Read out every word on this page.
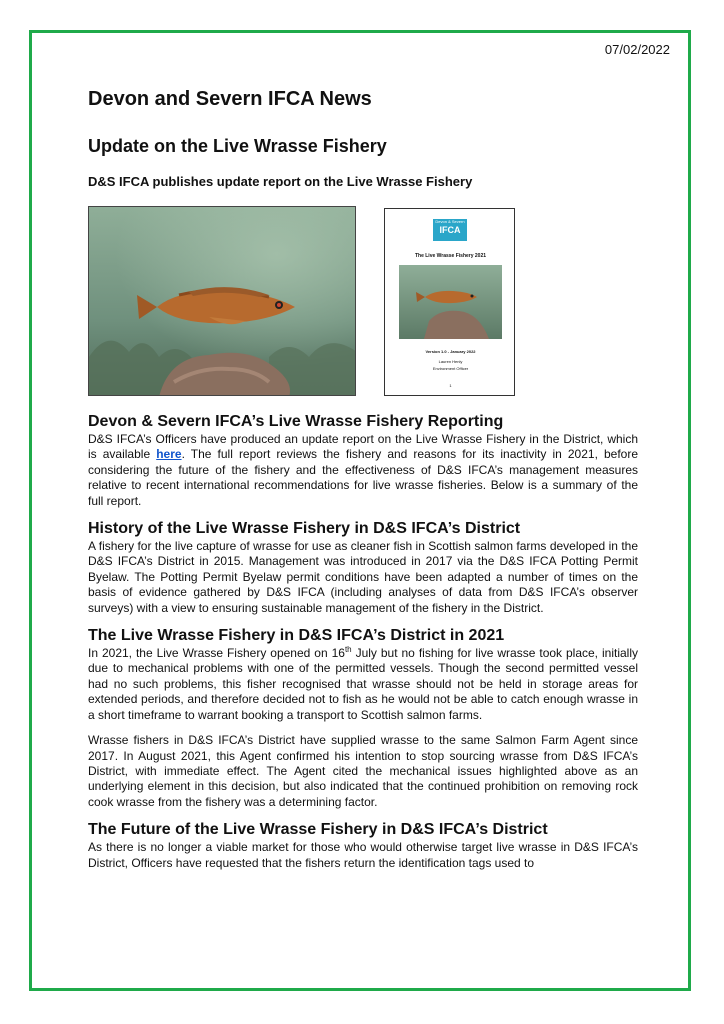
07/02/2022
Devon and Severn IFCA News
Update on the Live Wrasse Fishery
D&S IFCA publishes update report on the Live Wrasse Fishery
Devon & Severn
IFCA
The Live Wrasse Fishery 2021
Version 1.0 - January 2022
Lauren Henly
Environment Officer
1
Devon & Severn IFCA’s Live Wrasse Fishery Reporting

D&S IFCA’s Officers have produced an update report on the Live Wrasse Fishery in the District, which is available here. The full report reviews the fishery and reasons for its inactivity in 2021, before considering the future of the fishery and the effectiveness of D&S IFCA’s management measures relative to recent international recommendations for live wrasse fisheries. Below is a summary of the full report.

History of the Live Wrasse Fishery in D&S IFCA’s District

A fishery for the live capture of wrasse for use as cleaner fish in Scottish salmon farms developed in the D&S IFCA’s District in 2015. Management was introduced in 2017 via the D&S IFCA Potting Permit Byelaw. The Potting Permit Byelaw permit conditions have been adapted a number of times on the basis of evidence gathered by D&S IFCA (including analyses of data from D&S IFCA’s observer surveys) with a view to ensuring sustainable management of the fishery in the District.

The Live Wrasse Fishery in D&S IFCA’s District in 2021

In 2021, the Live Wrasse Fishery opened on 16th July but no fishing for live wrasse took place, initially due to mechanical problems with one of the permitted vessels. Though the second permitted vessel had no such problems, this fisher recognised that wrasse should not be held in storage areas for extended periods, and therefore decided not to fish as he would not be able to catch enough wrasse in a short timeframe to warrant booking a transport to Scottish salmon farms.

Wrasse fishers in D&S IFCA’s District have supplied wrasse to the same Salmon Farm Agent since 2017. In August 2021, this Agent confirmed his intention to stop sourcing wrasse from D&S IFCA’s District, with immediate effect. The Agent cited the mechanical issues highlighted above as an underlying element in this decision, but also indicated that the continued prohibition on removing rock cook wrasse from the fishery was a determining factor.

The Future of the Live Wrasse Fishery in D&S IFCA’s District

As there is no longer a viable market for those who would otherwise target live wrasse in D&S IFCA’s District, Officers have requested that the fishers return the identification tags used to
